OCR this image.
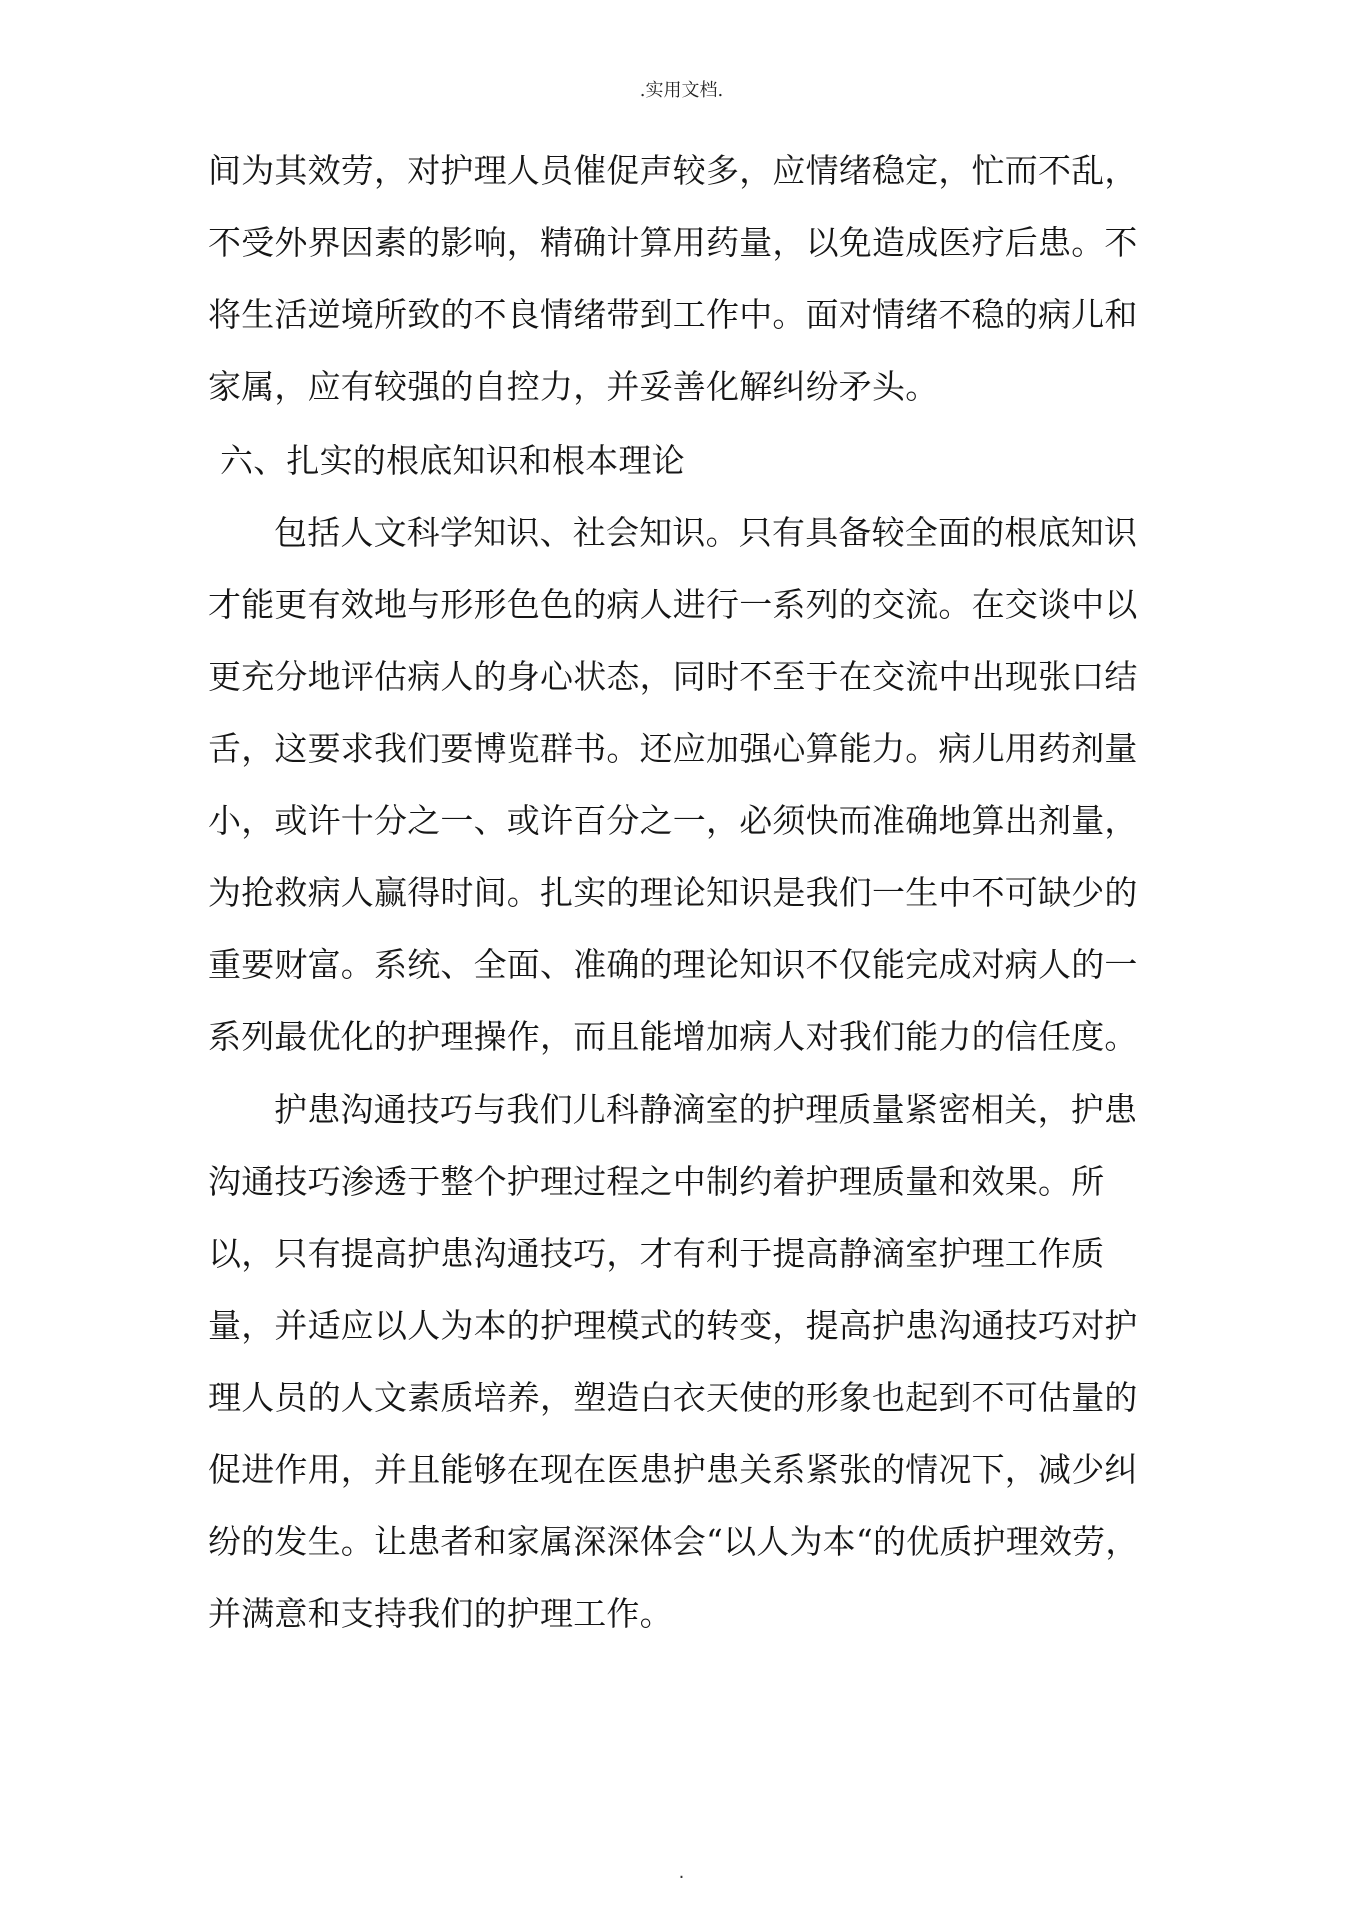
.实用文档.

间为其效劳，对护理人员催促声较多，应情绪稳定，忙而不乱，不受外界因素的影响，精确计算用药量，以免造成医疗后患。不将生活逆境所致的不良情绪带到工作中。面对情绪不稳的病儿和家属，应有较强的自控力，并妥善化解纠纷矛头。

六、扎实的根底知识和根本理论

包括人文科学知识、社会知识。只有具备较全面的根底知识才能更有效地与形形色色的病人进行一系列的交流。在交谈中以更充分地评估病人的身心状态，同时不至于在交流中出现张口结舌，这要求我们要博览群书。还应加强心算能力。病儿用药剂量小，或许十分之一、或许百分之一，必须快而准确地算出剂量，为抢救病人赢得时间。扎实的理论知识是我们一生中不可缺少的重要财富。系统、全面、准确的理论知识不仅能完成对病人的一系列最优化的护理操作，而且能增加病人对我们能力的信任度。

护患沟通技巧与我们儿科静滴室的护理质量紧密相关，护患沟通技巧渗透于整个护理过程之中制约着护理质量和效果。所以，只有提高护患沟通技巧，才有利于提高静滴室护理工作质量，并适应以人为本的护理模式的转变，提高护患沟通技巧对护理人员的人文素质培养，塑造白衣天使的形象也起到不可估量的促进作用，并且能够在现在医患护患关系紧张的情况下，减少纠纷的发生。让患者和家属深深体会“以人为本“的优质护理效劳，并满意和支持我们的护理工作。

.
